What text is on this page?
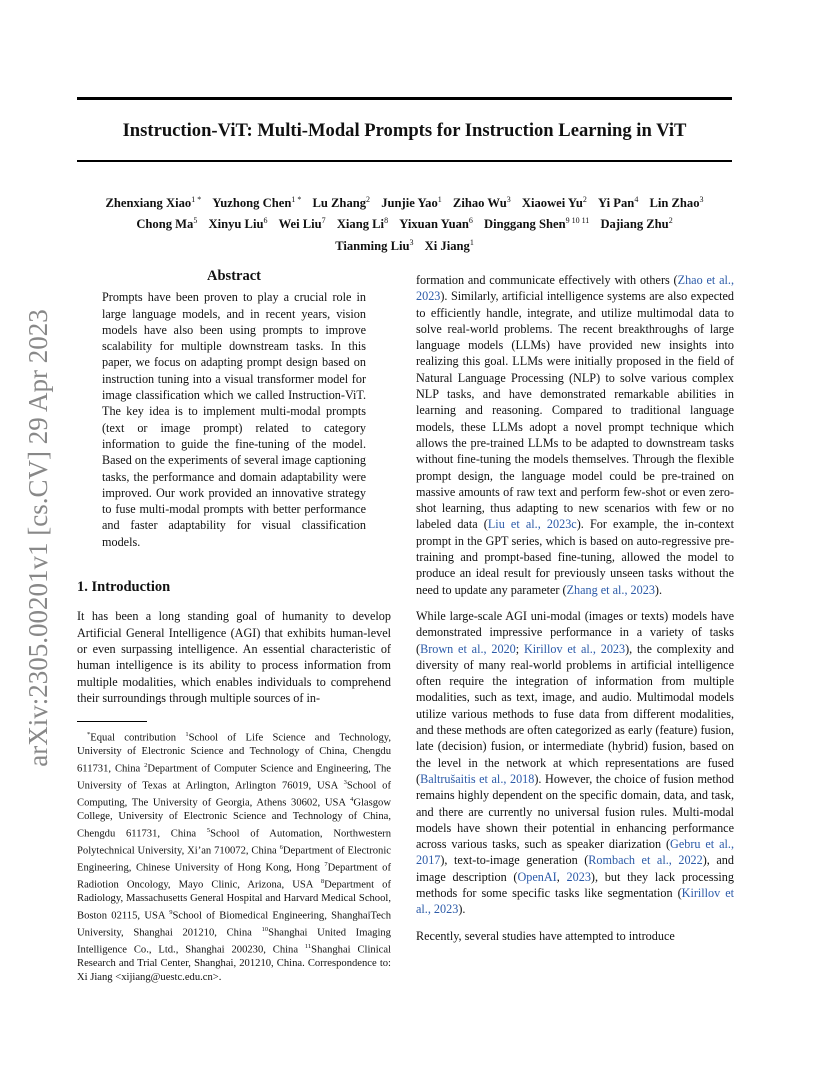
Instruction-ViT: Multi-Modal Prompts for Instruction Learning in ViT
Zhenxiang Xiao$^{1 *}$ Yuzhong Chen$^{1 *}$ Lu Zhang$^2$ Junjie Yao$^1$ Zihao Wu$^3$ Xiaowei Yu$^2$ Yi Pan$^4$ Lin Zhao$^3$
Chong Ma$^5$ Xinyu Liu$^6$ Wei Liu$^7$ Xiang Li$^8$ Yixuan Yuan$^6$ Dinggang Shen$^{9 10 11}$ Dajiang Zhu$^2$
Tianming Liu$^3$ Xi Jiang$^1$
arXiv:2305.00201v1 [cs.CV] 29 Apr 2023
Abstract

Prompts have been proven to play a crucial role in large language models, and in recent years, vision models have also been using prompts to improve scalability for multiple downstream tasks. In this paper, we focus on adapting prompt design based on instruction tuning into a visual transformer model for image classification which we called Instruction-ViT. The key idea is to implement multi-modal prompts (text or image prompt) related to category information to guide the fine-tuning of the model. Based on the experiments of several image captioning tasks, the performance and domain adaptability were improved. Our work provided an innovative strategy to fuse multi-modal prompts with better performance and faster adaptability for visual classification models.

1. Introduction

It has been a long standing goal of humanity to develop Artificial General Intelligence (AGI) that exhibits human-level or even surpassing intelligence. An essential characteristic of human intelligence is its ability to process information from multiple modalities, which enables individuals to comprehend their surroundings through multiple sources of in-

*Equal contribution $^1$School of Life Science and Technology, University of Electronic Science and Technology of China, Chengdu 611731, China $^2$Department of Computer Science and Engineering, The University of Texas at Arlington, Arlington 76019, USA $^3$School of Computing, The University of Georgia, Athens 30602, USA $^4$Glasgow College, University of Electronic Science and Technology of China, Chengdu 611731, China $^5$School of Automation, Northwestern Polytechnical University, Xi’an 710072, China $^6$Department of Electronic Engineering, Chinese University of Hong Kong, Hong $^7$Department of Radiotion Oncology, Mayo Clinic, Arizona, USA $^8$Department of Radiology, Massachusetts General Hospital and Harvard Medical School, Boston 02115, USA $^9$School of Biomedical Engineering, ShanghaiTech University, Shanghai 201210, China $^{10}$Shanghai United Imaging Intelligence Co., Ltd., Shanghai 200230, China $^{11}$Shanghai Clinical Research and Trial Center, Shanghai, 201210, China. Correspondence to: Xi Jiang <xijiang@uestc.edu.cn>.

formation and communicate effectively with others (Zhao et al., 2023). Similarly, artificial intelligence systems are also expected to efficiently handle, integrate, and utilize multimodal data to solve real-world problems. The recent breakthroughs of large language models (LLMs) have provided new insights into realizing this goal. LLMs were initially proposed in the field of Natural Language Processing (NLP) to solve various complex NLP tasks, and have demonstrated remarkable abilities in learning and reasoning. Compared to traditional language models, these LLMs adopt a novel prompt technique which allows the pre-trained LLMs to be adapted to downstream tasks without fine-tuning the models themselves. Through the flexible prompt design, the language model could be pre-trained on massive amounts of raw text and perform few-shot or even zero-shot learning, thus adapting to new scenarios with few or no labeled data (Liu et al., 2023c). For example, the in-context prompt in the GPT series, which is based on auto-regressive pre-training and prompt-based fine-tuning, allowed the model to produce an ideal result for previously unseen tasks without the need to update any parameter (Zhang et al., 2023).

While large-scale AGI uni-modal (images or texts) models have demonstrated impressive performance in a variety of tasks (Brown et al., 2020; Kirillov et al., 2023), the complexity and diversity of many real-world problems in artificial intelligence often require the integration of information from multiple modalities, such as text, image, and audio. Multimodal models utilize various methods to fuse data from different modalities, and these methods are often categorized as early (feature) fusion, late (decision) fusion, or intermediate (hybrid) fusion, based on the level in the network at which representations are fused (Baltrušaitis et al., 2018). However, the choice of fusion method remains highly dependent on the specific domain, data, and task, and there are currently no universal fusion rules. Multi-modal models have shown their potential in enhancing performance across various tasks, such as speaker diarization (Gebru et al., 2017), text-to-image generation (Rombach et al., 2022), and image description (OpenAI, 2023), but they lack processing methods for some specific tasks like segmentation (Kirillov et al., 2023).

Recently, several studies have attempted to introduce
